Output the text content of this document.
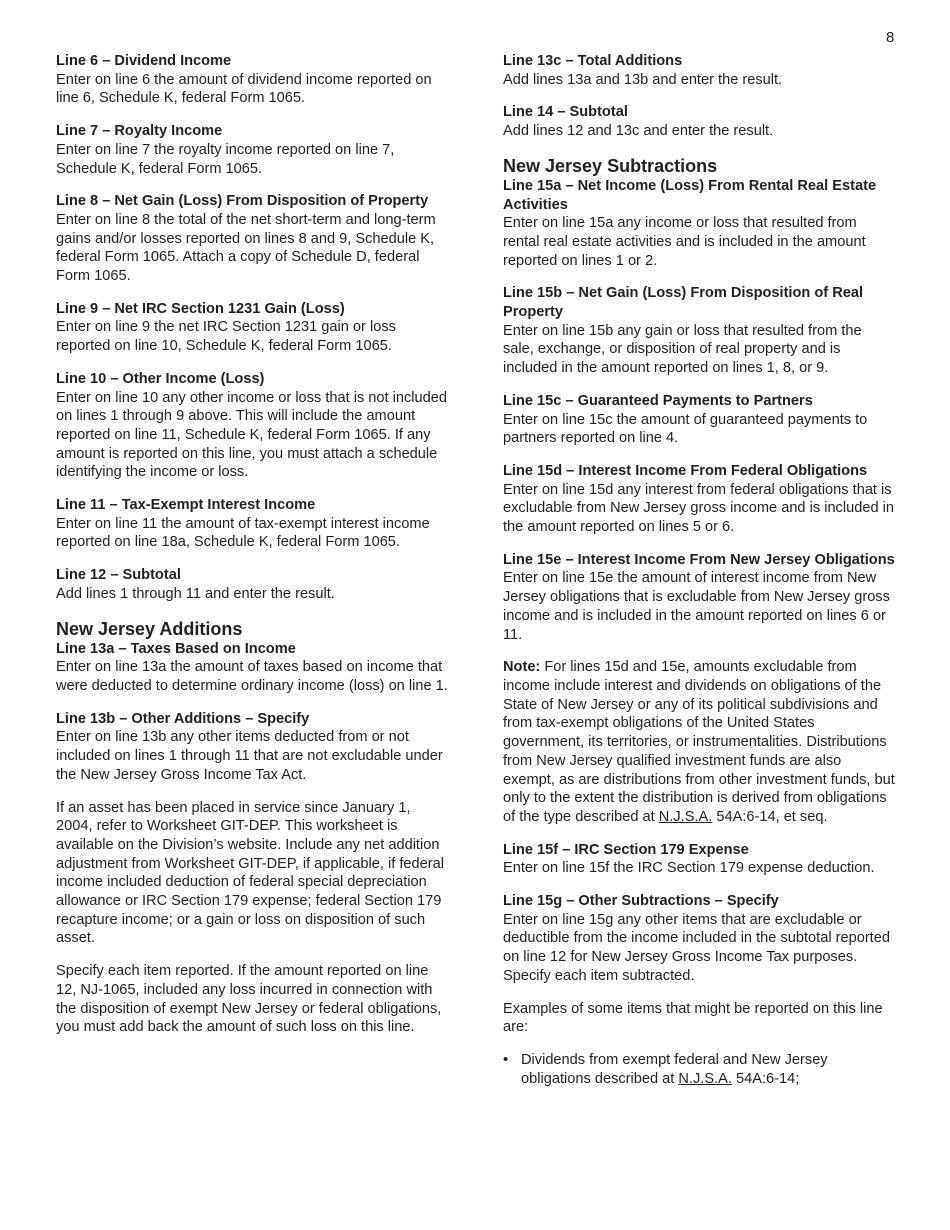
8
Line 6 – Dividend Income
Enter on line 6 the amount of dividend income reported on line 6, Schedule K, federal Form 1065.
Line 7 – Royalty Income
Enter on line 7 the royalty income reported on line 7, Schedule K, federal Form 1065.
Line 8 – Net Gain (Loss) From Disposition of Property
Enter on line 8 the total of the net short-term and long-term gains and/or losses reported on lines 8 and 9, Schedule K, federal Form 1065. Attach a copy of Schedule D, federal Form 1065.
Line 9 – Net IRC Section 1231 Gain (Loss)
Enter on line 9 the net IRC Section 1231 gain or loss reported on line 10, Schedule K, federal Form 1065.
Line 10 – Other Income (Loss)
Enter on line 10 any other income or loss that is not included on lines 1 through 9 above. This will include the amount reported on line 11, Schedule K, federal Form 1065. If any amount is reported on this line, you must attach a schedule identifying the income or loss.
Line 11 – Tax-Exempt Interest Income
Enter on line 11 the amount of tax-exempt interest income reported on line 18a, Schedule K, federal Form 1065.
Line 12 – Subtotal
Add lines 1 through 11 and enter the result.
New Jersey Additions
Line 13a – Taxes Based on Income
Enter on line 13a the amount of taxes based on income that were deducted to determine ordinary income (loss) on line 1.
Line 13b – Other Additions – Specify
Enter on line 13b any other items deducted from or not included on lines 1 through 11 that are not excludable under the New Jersey Gross Income Tax Act.

If an asset has been placed in service since January 1, 2004, refer to Worksheet GIT-DEP. This worksheet is available on the Division’s website. Include any net addition adjustment from Worksheet GIT-DEP, if applicable, if federal income included deduction of federal special depreciation allowance or IRC Section 179 expense; federal Section 179 recapture income; or a gain or loss on disposition of such asset.

Specify each item reported. If the amount reported on line 12, NJ-1065, included any loss incurred in connection with the disposition of exempt New Jersey or federal obligations, you must add back the amount of such loss on this line.

Line 13c – Total Additions
Add lines 13a and 13b and enter the result.
Line 14 – Subtotal
Add lines 12 and 13c and enter the result.
New Jersey Subtractions
Line 15a – Net Income (Loss) From Rental Real Estate Activities
Enter on line 15a any income or loss that resulted from rental real estate activities and is included in the amount reported on lines 1 or 2.
Line 15b – Net Gain (Loss) From Disposition of Real Property
Enter on line 15b any gain or loss that resulted from the sale, exchange, or disposition of real property and is included in the amount reported on lines 1, 8, or 9.
Line 15c – Guaranteed Payments to Partners
Enter on line 15c the amount of guaranteed payments to partners reported on line 4.
Line 15d – Interest Income From Federal Obligations
Enter on line 15d any interest from federal obligations that is excludable from New Jersey gross income and is included in the amount reported on lines 5 or 6.
Line 15e – Interest Income From New Jersey Obligations
Enter on line 15e the amount of interest income from New Jersey obligations that is excludable from New Jersey gross income and is included in the amount reported on lines 6 or 11.

Note: For lines 15d and 15e, amounts excludable from income include interest and dividends on obligations of the State of New Jersey or any of its political subdivisions and from tax-exempt obligations of the United States government, its territories, or instrumentalities. Distributions from New Jersey qualified investment funds are also exempt, as are distributions from other investment funds, but only to the extent the distribution is derived from obligations of the type described at N.J.S.A. 54A:6-14, et seq.

Line 15f – IRC Section 179 Expense
Enter on line 15f the IRC Section 179 expense deduction.
Line 15g – Other Subtractions – Specify
Enter on line 15g any other items that are excludable or deductible from the income included in the subtotal reported on line 12 for New Jersey Gross Income Tax purposes. Specify each item subtracted.

Examples of some items that might be reported on this line are:

• Dividends from exempt federal and New Jersey obligations described at N.J.S.A. 54A:6-14;
